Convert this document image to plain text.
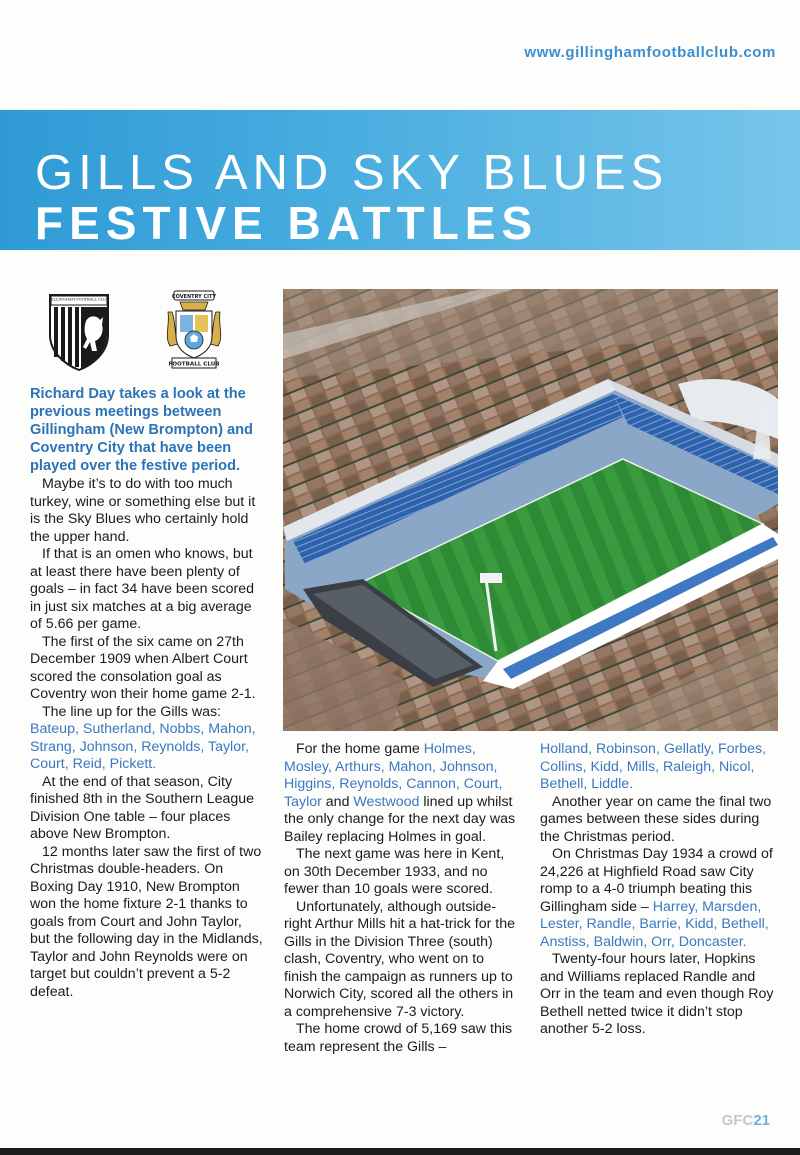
www.gillinghamfootballclub.com
GILLS AND SKY BLUES
FESTIVE BATTLES
GILLINGHAM FOOTBALL CLUB	COVENTRY CITY
FOOTBALL CLUB

Richard Day takes a look at the previous meetings between Gillingham (New Brompton) and Coventry City that have been played over the festive period.

Maybe it’s to do with too much turkey, wine or something else but it is the Sky Blues who certainly hold the upper hand.

If that is an omen who knows, but at least there have been plenty of goals – in fact 34 have been scored in just six matches at a big average of 5.66 per game.

The first of the six came on 27th December 1909 when Albert Court scored the consolation goal as Coventry won their home game 2-1.

The line up for the Gills was: Bateup, Sutherland, Nobbs, Mahon, Strang, Johnson, Reynolds, Taylor, Court, Reid, Pickett.

At the end of that season, City finished 8th in the Southern League Division One table – four places above New Brompton.

12 months later saw the first of two Christmas double-headers. On Boxing Day 1910, New Brompton won the home fixture 2-1 thanks to goals from Court and John Taylor, but the following day in the Midlands, Taylor and John Reynolds were on target but couldn’t prevent a 5-2 defeat.

For the home game Holmes, Mosley, Arthurs, Mahon, Johnson, Higgins, Reynolds, Cannon, Court, Taylor and Westwood lined up whilst the only change for the next day was Bailey replacing Holmes in goal.

The next game was here in Kent, on 30th December 1933, and no fewer than 10 goals were scored.

Unfortunately, although outside-right Arthur Mills hit a hat-trick for the Gills in the Division Three (south) clash, Coventry, who went on to finish the campaign as runners up to Norwich City, scored all the others in a comprehensive 7-3 victory.

The home crowd of 5,169 saw this team represent the Gills –

Holland, Robinson, Gellatly, Forbes, Collins, Kidd, Mills, Raleigh, Nicol, Bethell, Liddle.

Another year on came the final two games between these sides during the Christmas period.

On Christmas Day 1934 a crowd of 24,226 at Highfield Road saw City romp to a 4-0 triumph beating this Gillingham side – Harrey, Marsden, Lester, Randle, Barrie, Kidd, Bethell, Anstiss, Baldwin, Orr, Doncaster.

Twenty-four hours later, Hopkins and Williams replaced Randle and Orr in the team and even though Roy Bethell netted twice it didn’t stop another 5-2 loss.

GFC21
